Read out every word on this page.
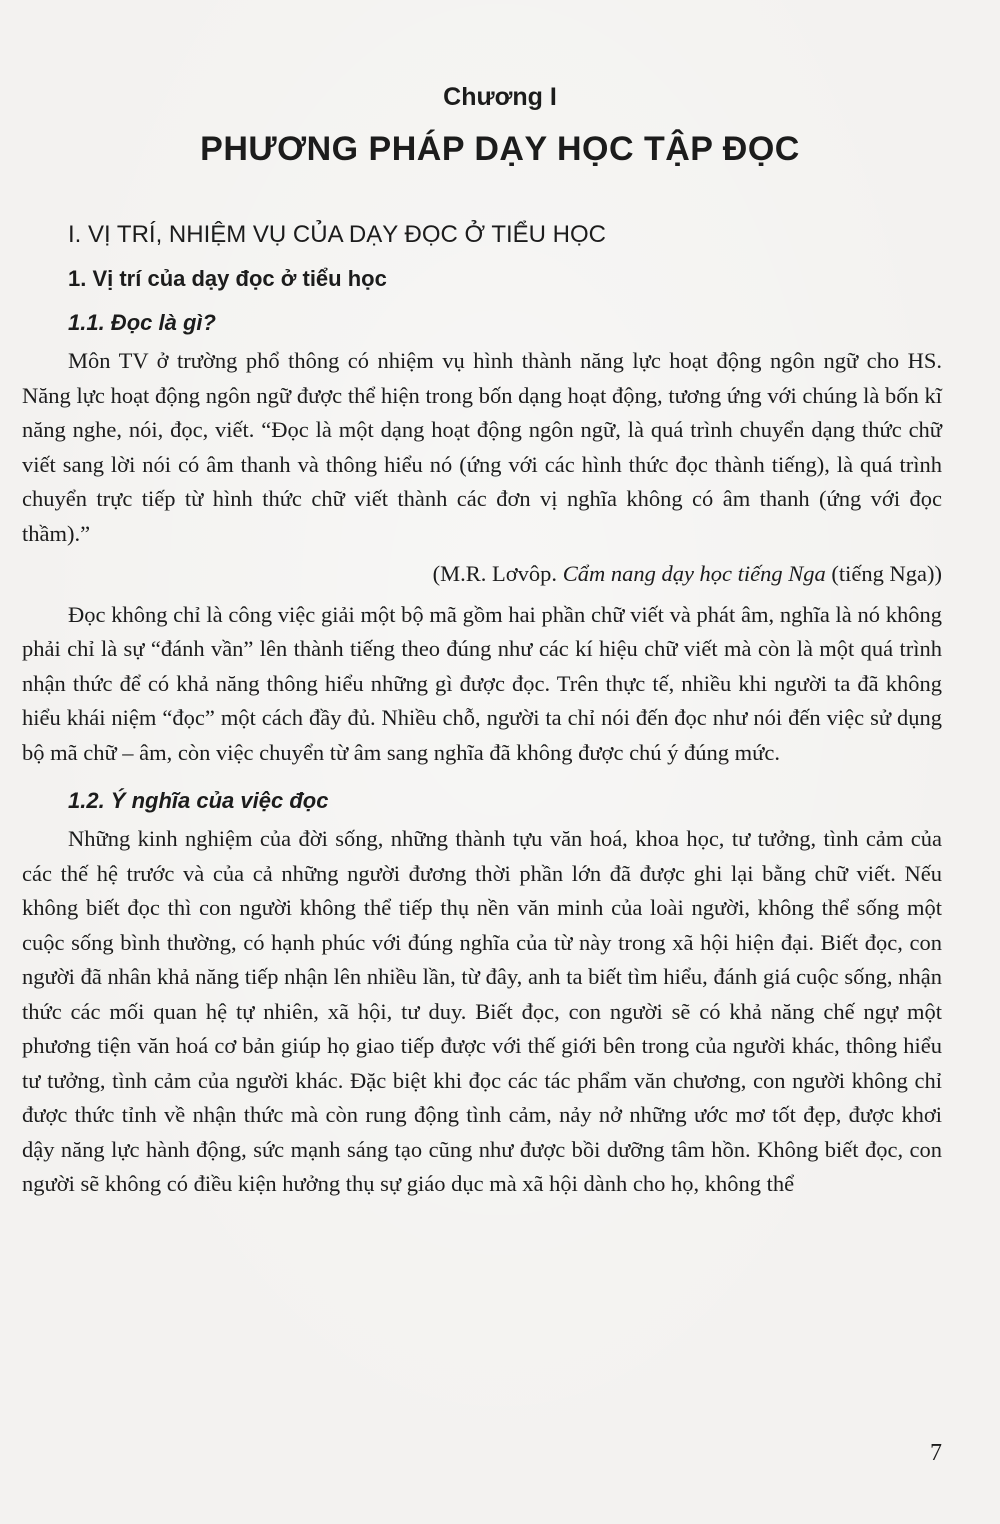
Chương I
PHƯƠNG PHÁP DẠY HỌC TẬP ĐỌC
I. VỊ TRÍ, NHIỆM VỤ CỦA DẠY ĐỌC Ở TIỂU HỌC
1. Vị trí của dạy đọc ở tiểu học
1.1. Đọc là gì?

Môn TV ở trường phổ thông có nhiệm vụ hình thành năng lực hoạt động ngôn ngữ cho HS. Năng lực hoạt động ngôn ngữ được thể hiện trong bốn dạng hoạt động, tương ứng với chúng là bốn kĩ năng nghe, nói, đọc, viết. “Đọc là một dạng hoạt động ngôn ngữ, là quá trình chuyển dạng thức chữ viết sang lời nói có âm thanh và thông hiểu nó (ứng với các hình thức đọc thành tiếng), là quá trình chuyển trực tiếp từ hình thức chữ viết thành các đơn vị nghĩa không có âm thanh (ứng với đọc thầm).”

(M.R. Lơvôp. Cẩm nang dạy học tiếng Nga (tiếng Nga))

Đọc không chỉ là công việc giải một bộ mã gồm hai phần chữ viết và phát âm, nghĩa là nó không phải chỉ là sự “đánh vần” lên thành tiếng theo đúng như các kí hiệu chữ viết mà còn là một quá trình nhận thức để có khả năng thông hiểu những gì được đọc. Trên thực tế, nhiều khi người ta đã không hiểu khái niệm “đọc” một cách đầy đủ. Nhiều chỗ, người ta chỉ nói đến đọc như nói đến việc sử dụng bộ mã chữ – âm, còn việc chuyển từ âm sang nghĩa đã không được chú ý đúng mức.

1.2. Ý nghĩa của việc đọc

Những kinh nghiệm của đời sống, những thành tựu văn hoá, khoa học, tư tưởng, tình cảm của các thế hệ trước và của cả những người đương thời phần lớn đã được ghi lại bằng chữ viết. Nếu không biết đọc thì con người không thể tiếp thụ nền văn minh của loài người, không thể sống một cuộc sống bình thường, có hạnh phúc với đúng nghĩa của từ này trong xã hội hiện đại. Biết đọc, con người đã nhân khả năng tiếp nhận lên nhiều lần, từ đây, anh ta biết tìm hiểu, đánh giá cuộc sống, nhận thức các mối quan hệ tự nhiên, xã hội, tư duy. Biết đọc, con người sẽ có khả năng chế ngự một phương tiện văn hoá cơ bản giúp họ giao tiếp được với thế giới bên trong của người khác, thông hiểu tư tưởng, tình cảm của người khác. Đặc biệt khi đọc các tác phẩm văn chương, con người không chỉ được thức tỉnh về nhận thức mà còn rung động tình cảm, nảy nở những ước mơ tốt đẹp, được khơi dậy năng lực hành động, sức mạnh sáng tạo cũng như được bồi dưỡng tâm hồn. Không biết đọc, con người sẽ không có điều kiện hưởng thụ sự giáo dục mà xã hội dành cho họ, không thể

7
